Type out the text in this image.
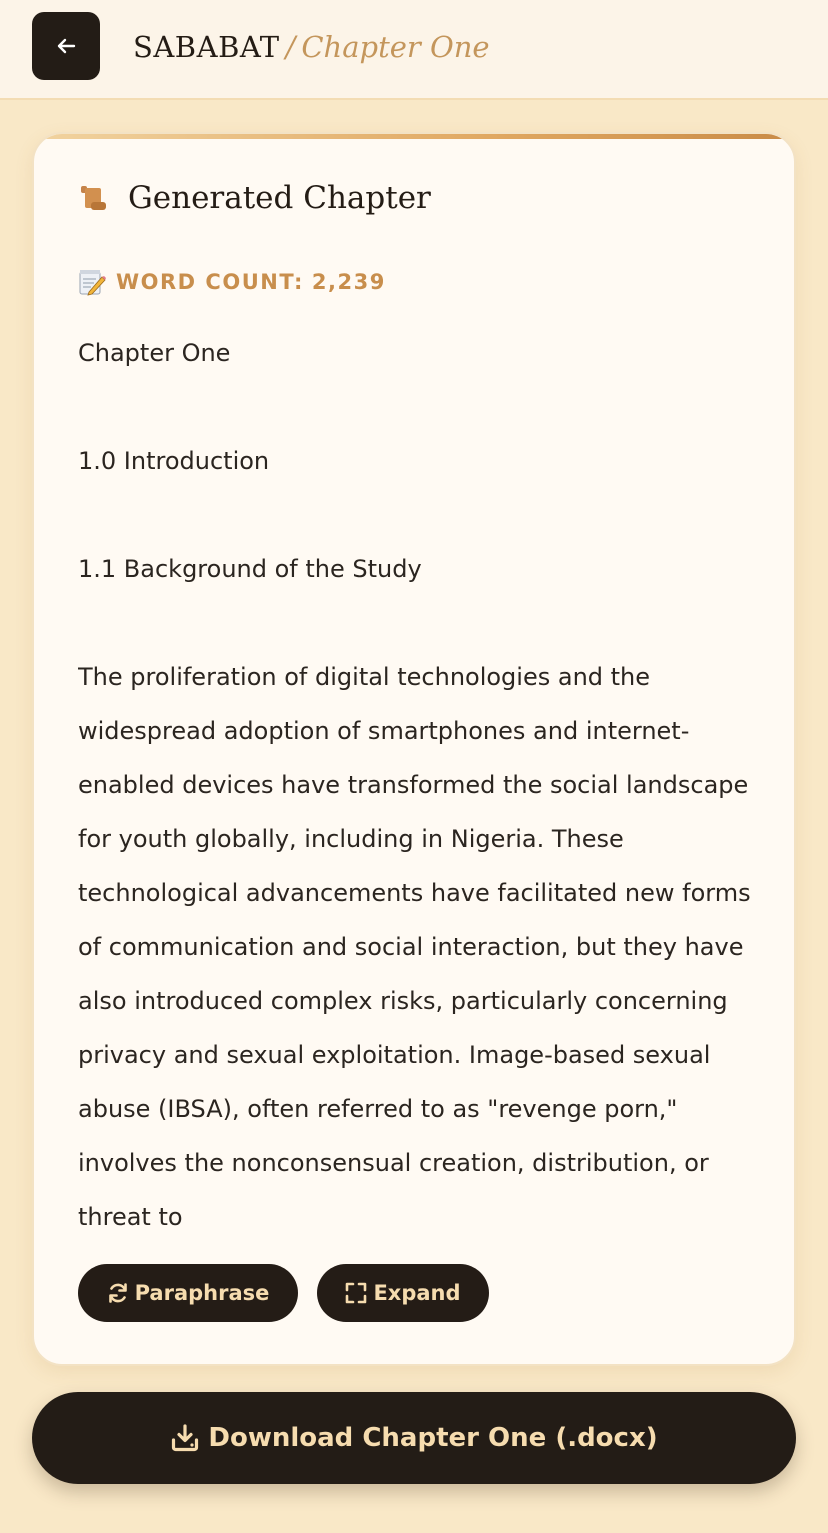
SABABAT / Chapter One
Generated Chapter
WORD COUNT: 2,239

Chapter One

1.0 Introduction

1.1 Background of the Study

The proliferation of digital technologies and the widespread adoption of smartphones and internet-enabled devices have transformed the social landscape for youth globally, including in Nigeria. These technological advancements have facilitated new forms of communication and social interaction, but they have also introduced complex risks, particularly concerning privacy and sexual exploitation. Image-based sexual abuse (IBSA), often referred to as "revenge porn," involves the nonconsensual creation, distribution, or threat to

Paraphrase	Expand
Download Chapter One (.docx)
